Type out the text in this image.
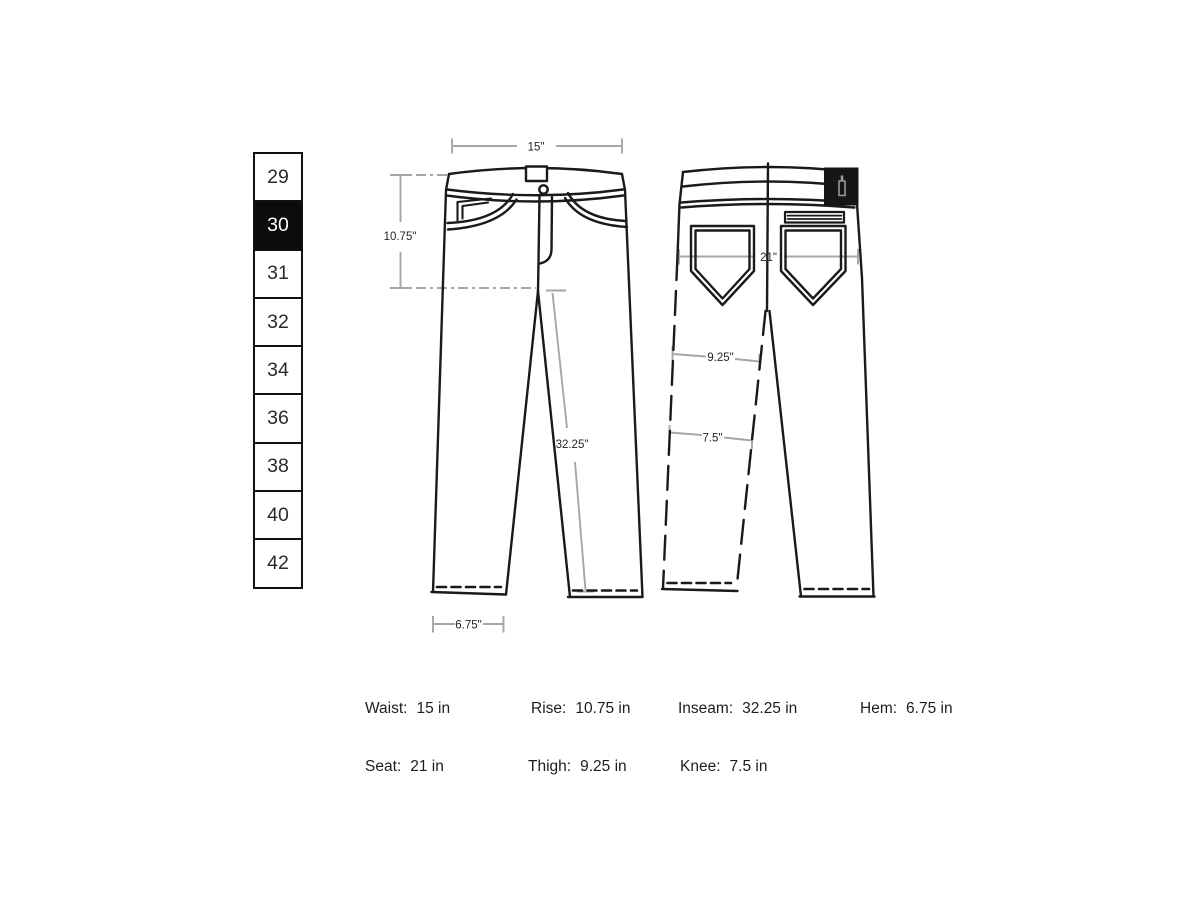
29
30
31
32
34
36
38
40
42
15"
10.75"
32.25"
6.75"
21"
9.25"
7.5"
Waist: 15 in	Rise: 10.75 in	Inseam: 32.25 in	Hem: 6.75 in
Seat: 21 in	Thigh: 9.25 in	Knee: 7.5 in
